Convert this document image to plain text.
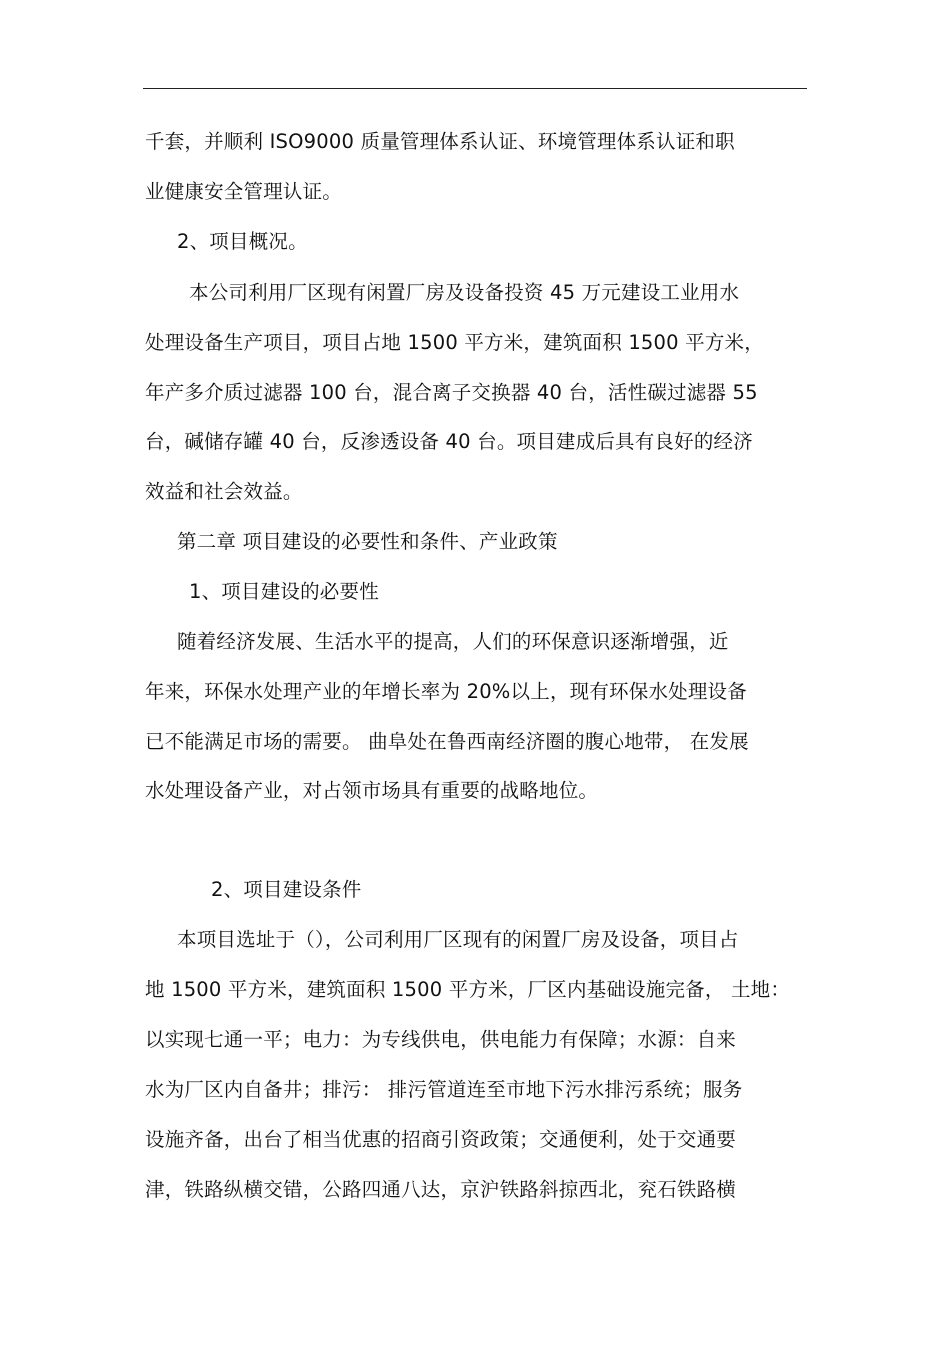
千套，并顺利 ISO9000 质量管理体系认证、环境管理体系认证和职
业健康安全管理认证。
2、项目概况。
本公司利用厂区现有闲置厂房及设备投资 45 万元建设工业用水
处理设备生产项目，项目占地 1500 平方米，建筑面积 1500 平方米，
年产多介质过滤器 100 台，混合离子交换器 40 台，活性碳过滤器 55
台，碱储存罐 40 台，反渗透设备 40 台。项目建成后具有良好的经济
效益和社会效益。
第二章 项目建设的必要性和条件、产业政策
1、项目建设的必要性
随着经济发展、生活水平的提高，人们的环保意识逐渐增强，近
年来，环保水处理产业的年增长率为 20%以上，现有环保水处理设备
已不能满足市场的需要。 曲阜处在鲁西南经济圈的腹心地带， 在发展
水处理设备产业，对占领市场具有重要的战略地位。
2、项目建设条件
本项目选址于（），公司利用厂区现有的闲置厂房及设备，项目占
地 1500 平方米，建筑面积 1500 平方米，厂区内基础设施完备， 土地：
以实现七通一平；电力：为专线供电，供电能力有保障；水源：自来
水为厂区内自备井；排污： 排污管道连至市地下污水排污系统；服务
设施齐备，出台了相当优惠的招商引资政策；交通便利，处于交通要
津，铁路纵横交错，公路四通八达，京沪铁路斜掠西北，兖石铁路横
